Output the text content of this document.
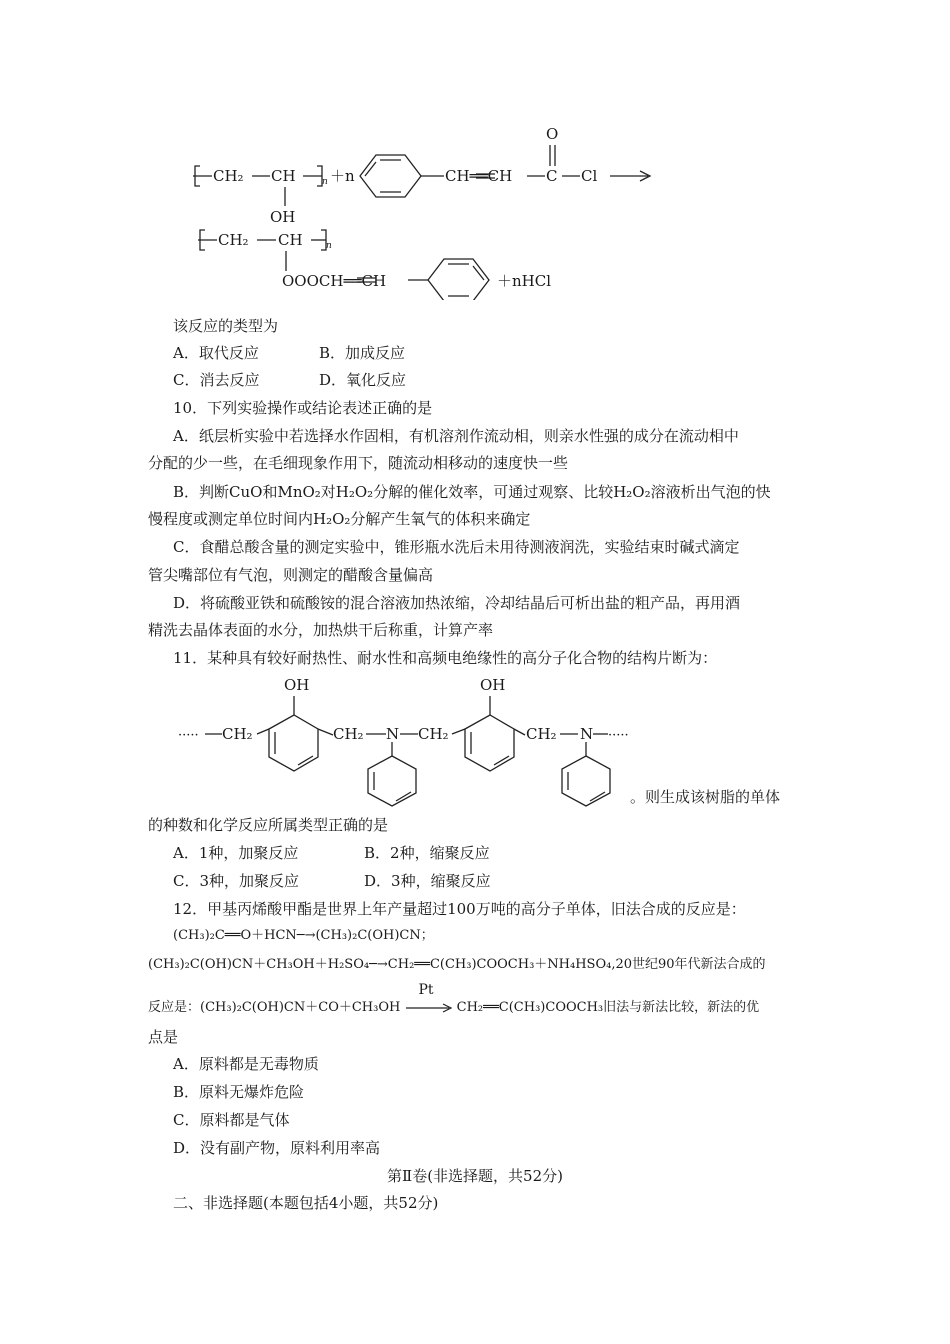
O
CH₂ CH	n ＋n	CH══CH C Cl
OH
CH₂ CH	n
OOOCH══CH	＋nHCl
该反应的类型为
A．取代反应	B．加成反应
C．消去反应	D．氧化反应
10．下列实验操作或结论表述正确的是
A．纸层析实验中若选择水作固相，有机溶剂作流动相，则亲水性强的成分在流动相中
分配的少一些，在毛细现象作用下，随流动相移动的速度快一些
B．判断CuO和MnO₂对H₂O₂分解的催化效率，可通过观察、比较H₂O₂溶液析出气泡的快
慢程度或测定单位时间内H₂O₂分解产生氧气的体积来确定
C．食醋总酸含量的测定实验中，锥形瓶水洗后未用待测液润洗，实验结束时碱式滴定
管尖嘴部位有气泡，则测定的醋酸含量偏高
D．将硫酸亚铁和硫酸铵的混合溶液加热浓缩，冷却结晶后可析出盐的粗产品，再用酒
精洗去晶体表面的水分，加热烘干后称重，计算产率
11．某种具有较好耐热性、耐水性和高频电绝缘性的高分子化合物的结构片断为：
OH	OH
····· CH₂	CH₂ N CH₂	CH₂ N ·····
。则生成该树脂的单体
的种数和化学反应所属类型正确的是
A．1种，加聚反应	B．2种，缩聚反应
C．3种，加聚反应	D．3种，缩聚反应
12．甲基丙烯酸甲酯是世界上年产量超过100万吨的高分子单体，旧法合成的反应是：
(CH₃)₂C══O＋HCN─→(CH₃)₂C(OH)CN；
(CH₃)₂C(OH)CN＋CH₃OH＋H₂SO₄─→CH₂══C(CH₃)COOCH₃＋NH₄HSO₄,20世纪90年代新法合成的
反应是：(CH₃)₂C(OH)CN＋CO＋CH₃OH
Pt
CH₂══C(CH₃)COOCH₃旧法与新法比较，新法的优
点是
A．原料都是无毒物质
B．原料无爆炸危险
C．原料都是气体
D．没有副产物，原料利用率高
第Ⅱ卷(非选择题，共52分)
二、非选择题(本题包括4小题，共52分)
